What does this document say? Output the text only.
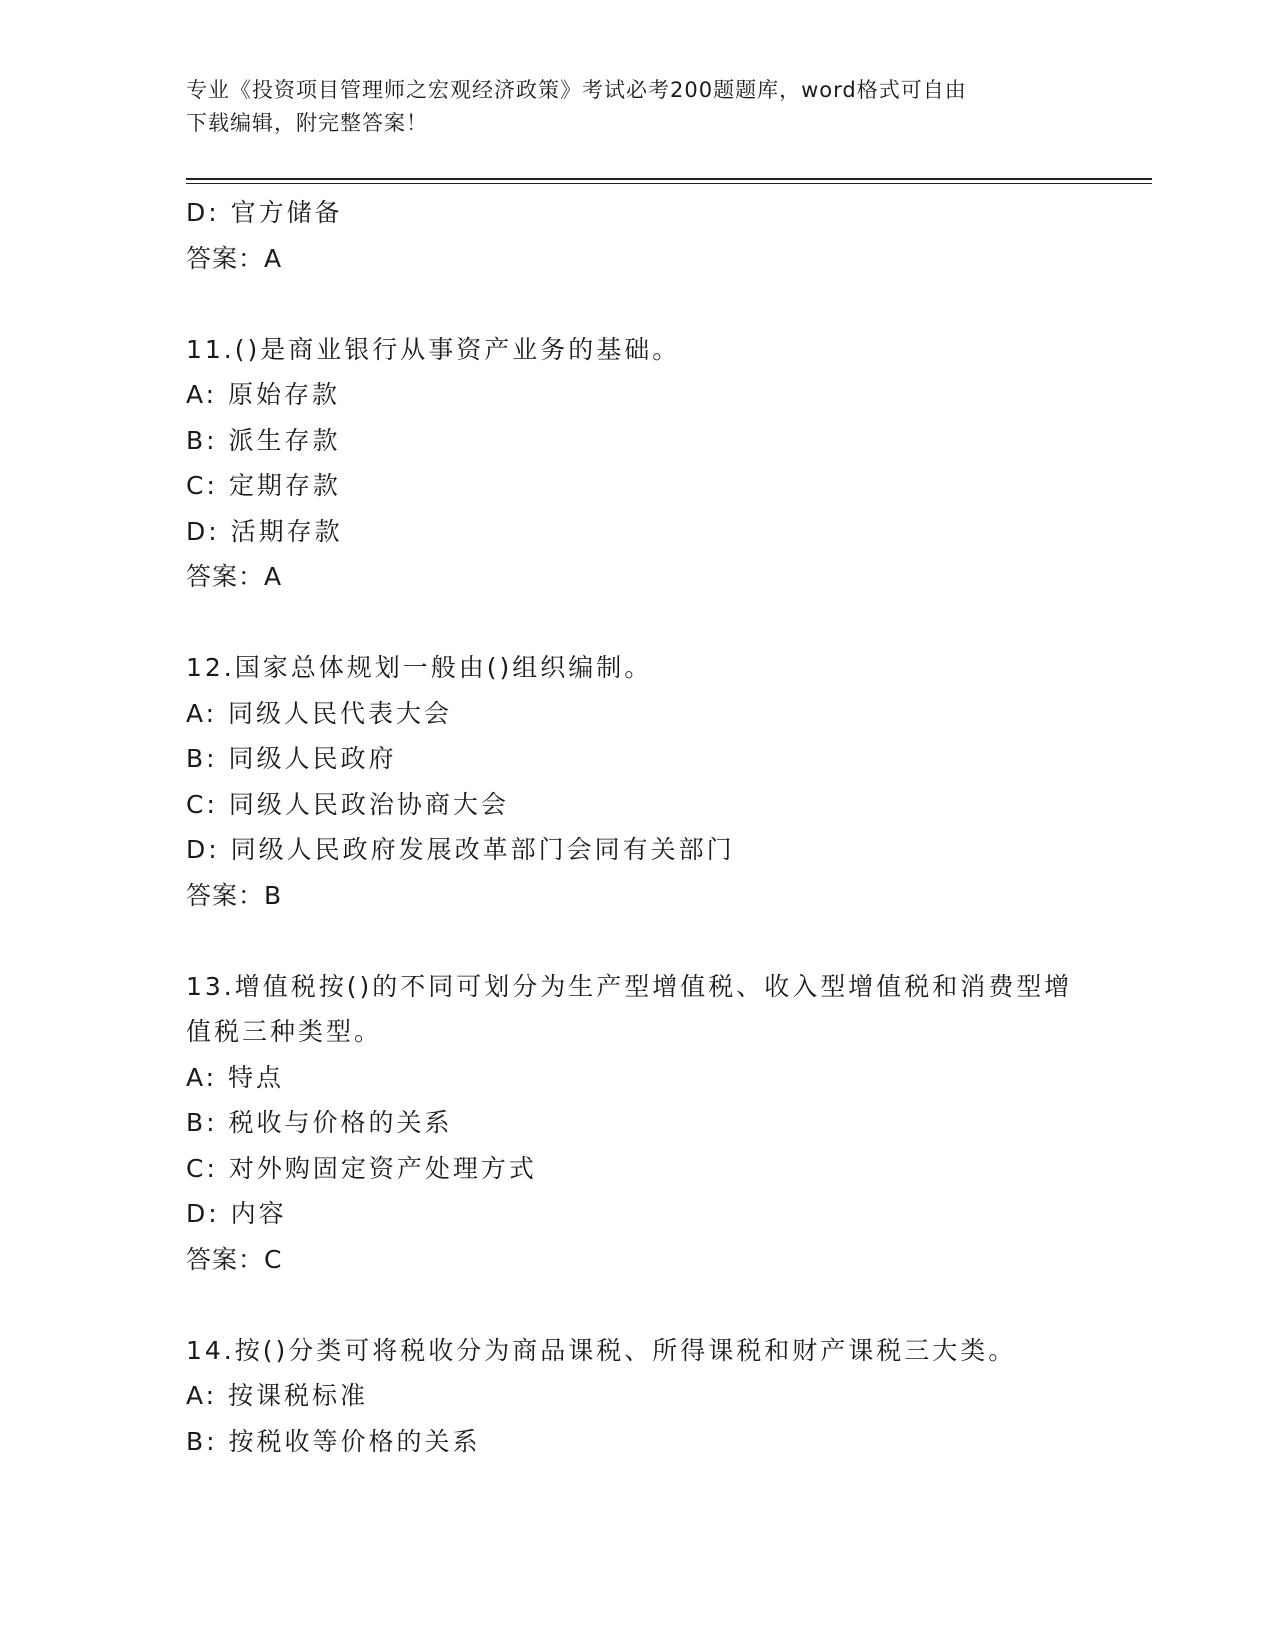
专业《投资项目管理师之宏观经济政策》考试必考200题题库，word格式可自由
下载编辑，附完整答案！
D: 官方储备
答案：A
11.()是商业银行从事资产业务的基础。
A: 原始存款
B: 派生存款
C: 定期存款
D: 活期存款
答案：A
12.国家总体规划一般由()组织编制。
A: 同级人民代表大会
B: 同级人民政府
C: 同级人民政治协商大会
D: 同级人民政府发展改革部门会同有关部门
答案：B
13.增值税按()的不同可划分为生产型增值税、收入型增值税和消费型增值税三种类型。
A: 特点
B: 税收与价格的关系
C: 对外购固定资产处理方式
D: 内容
答案：C
14.按()分类可将税收分为商品课税、所得课税和财产课税三大类。
A: 按课税标准
B: 按税收等价格的关系
